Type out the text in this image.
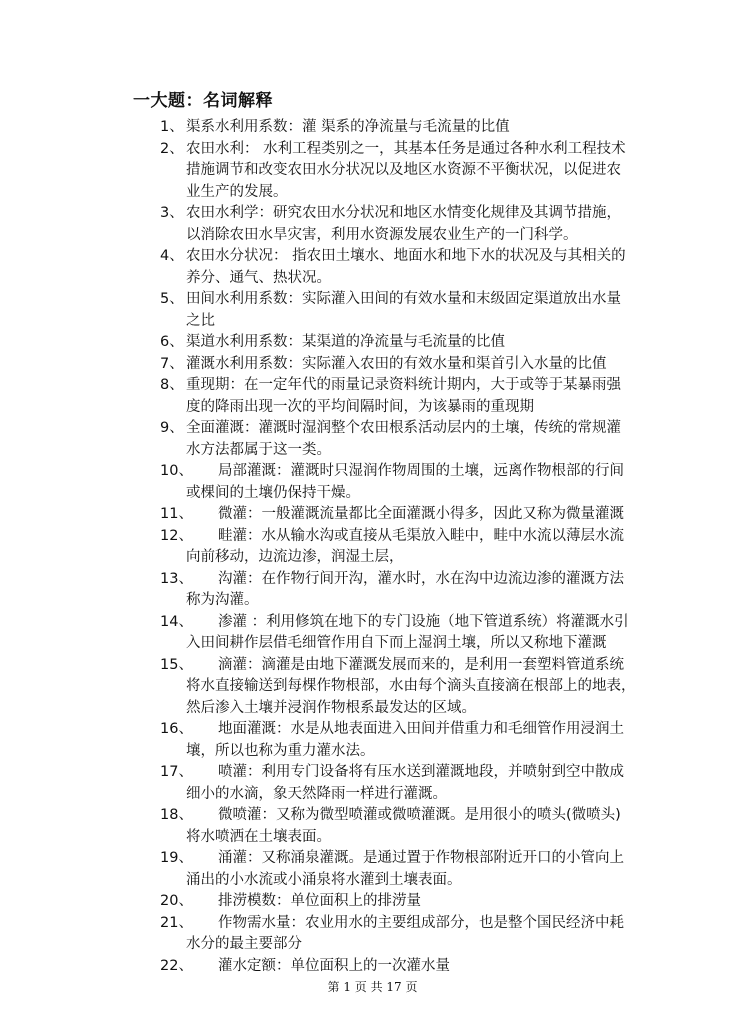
一大题：名词解释
1、 渠系水利用系数：灌 渠系的净流量与毛流量的比值
2、 农田水利： 水利工程类别之一，其基本任务是通过各种水利工程技术
措施调节和改变农田水分状况以及地区水资源不平衡状况，以促进农
业生产的发展。
3、 农田水利学：研究农田水分状况和地区水情变化规律及其调节措施，
以消除农田水旱灾害，利用水资源发展农业生产的一门科学。
4、 农田水分状况： 指农田土壤水、地面水和地下水的状况及与其相关的
养分、通气、热状况。
5、 田间水利用系数：实际灌入田间的有效水量和末级固定渠道放出水量
之比
6、 渠道水利用系数：某渠道的净流量与毛流量的比值
7、 灌溉水利用系数：实际灌入农田的有效水量和渠首引入水量的比值
8、 重现期：在一定年代的雨量记录资料统计期内，大于或等于某暴雨强
度的降雨出现一次的平均间隔时间，为该暴雨的重现期
9、 全面灌溉：灌溉时湿润整个农田根系活动层内的土壤，传统的常规灌
水方法都属于这一类。
10、	局部灌溉：灌溉时只湿润作物周围的土壤，远离作物根部的行间
或棵间的土壤仍保持干燥。
11、	微灌：一般灌溉流量都比全面灌溉小得多，因此又称为微量灌溉
12、	畦灌：水从输水沟或直接从毛渠放入畦中，畦中水流以薄层水流
向前移动，边流边渗，润湿土层，
13、	沟灌：在作物行间开沟，灌水时，水在沟中边流边渗的灌溉方法
称为沟灌。
14、	渗灌 ：利用修筑在地下的专门设施（地下管道系统）将灌溉水引
入田间耕作层借毛细管作用自下而上湿润土壤，所以又称地下灌溉
15、	滴灌：滴灌是由地下灌溉发展而来的，是利用一套塑料管道系统
将水直接输送到每棵作物根部，水由每个滴头直接滴在根部上的地表，
然后渗入土壤并浸润作物根系最发达的区域。
16、	地面灌溉：水是从地表面进入田间并借重力和毛细管作用浸润土
壤，所以也称为重力灌水法。
17、	喷灌：利用专门设备将有压水送到灌溉地段，并喷射到空中散成
细小的水滴，象天然降雨一样进行灌溉。
18、	微喷灌：又称为微型喷灌或微喷灌溉。是用很小的喷头(微喷头)
将水喷洒在土壤表面。
19、	涌灌：又称涌泉灌溉。是通过置于作物根部附近开口的小管向上
涌出的小水流或小涌泉将水灌到土壤表面。
20、	排涝模数：单位面积上的排涝量
21、	作物需水量：农业用水的主要组成部分，也是整个国民经济中耗
水分的最主要部分
22、	灌水定额：单位面积上的一次灌水量
第 1 页 共 17 页
